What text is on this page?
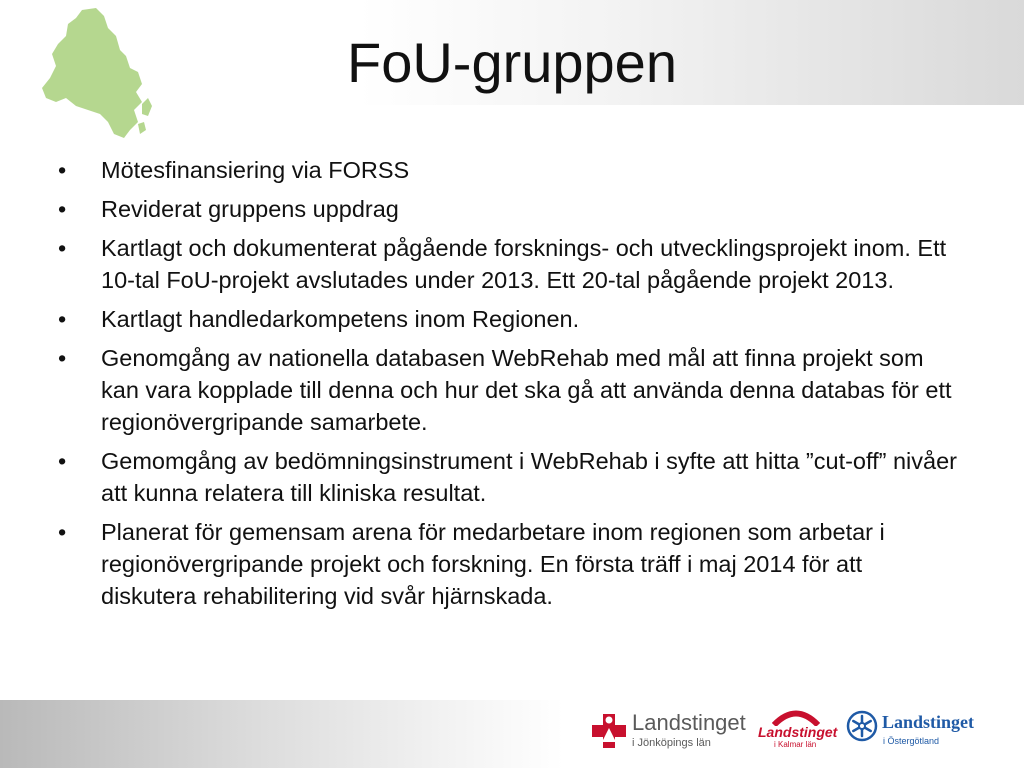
FoU-gruppen
•	Mötesfinansiering via FORSS
•	Reviderat gruppens uppdrag
•	Kartlagt och dokumenterat pågående forsknings- och utvecklingsprojekt inom. Ett 10-tal FoU-projekt avslutades under 2013. Ett 20-tal pågående projekt 2013.
•	Kartlagt handledarkompetens inom Regionen.
•	Genomgång av nationella databasen WebRehab med mål att finna projekt som kan vara kopplade till denna och hur det ska gå att använda denna databas för ett regionövergripande samarbete.
•	Gemomgång av bedömningsinstrument i WebRehab i syfte att hitta ”cut-off” nivåer att kunna relatera till kliniska resultat.
•	Planerat för gemensam arena för medarbetare inom regionen som arbetar i regionövergripande projekt och forskning. En första träff i maj 2014 för att diskutera rehabilitering vid svår hjärnskada.
Landstinget
i Jönköpings län
Landstinget
i Kalmar län
Landstinget
i Östergötland
